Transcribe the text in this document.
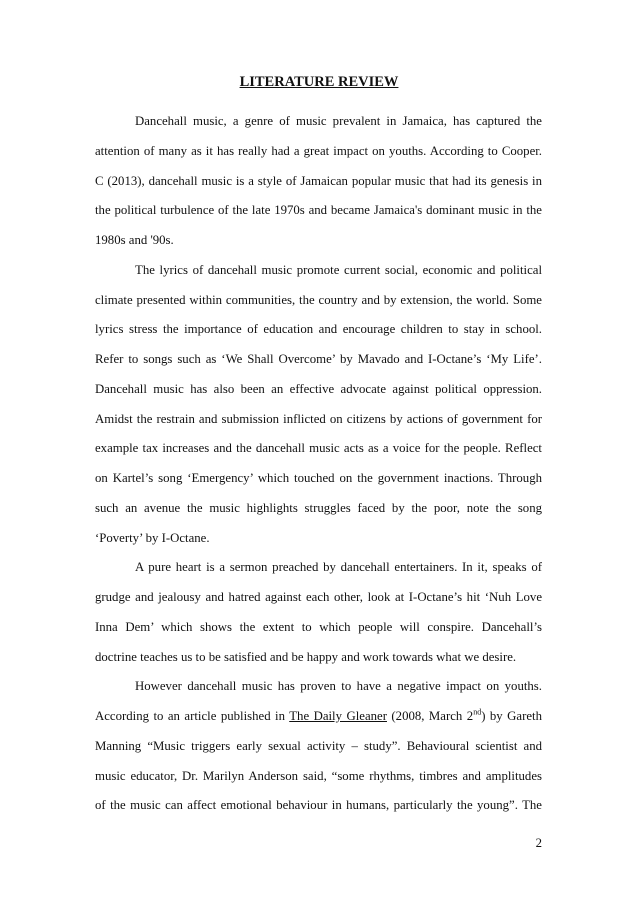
LITERATURE REVIEW
Dancehall music, a genre of music prevalent in Jamaica, has captured the
attention of many as it has really had a great impact on youths. According to Cooper.
C (2013), dancehall music is a style of Jamaican popular music that had its genesis in
the political turbulence of the late 1970s and became Jamaica's dominant music in the
1980s and '90s.
The lyrics of dancehall music promote current social, economic and political
climate presented within communities, the country and by extension, the world. Some
lyrics stress the importance of education and encourage children to stay in school.
Refer to songs such as ‘We Shall Overcome’ by Mavado and I-Octane’s ‘My Life’.
Dancehall music has also been an effective advocate against political oppression.
Amidst the restrain and submission inflicted on citizens by actions of government for
example tax increases and the dancehall music acts as a voice for the people. Reflect
on Kartel’s song ‘Emergency’ which touched on the government inactions. Through
such an avenue the music highlights struggles faced by the poor, note the song
‘Poverty’ by I-Octane.
A pure heart is a sermon preached by dancehall entertainers. In it, speaks of
grudge and jealousy and hatred against each other, look at I-Octane’s hit ‘Nuh Love
Inna Dem’ which shows the extent to which people will conspire. Dancehall’s
doctrine teaches us to be satisfied and be happy and work towards what we desire.
However dancehall music has proven to have a negative impact on youths.
According to an article published in The Daily Gleaner (2008, March 2nd) by Gareth
Manning “Music triggers early sexual activity – study”. Behavioural scientist and
music educator, Dr. Marilyn Anderson said, “some rhythms, timbres and amplitudes
of the music can affect emotional behaviour in humans, particularly the young”. The
2
